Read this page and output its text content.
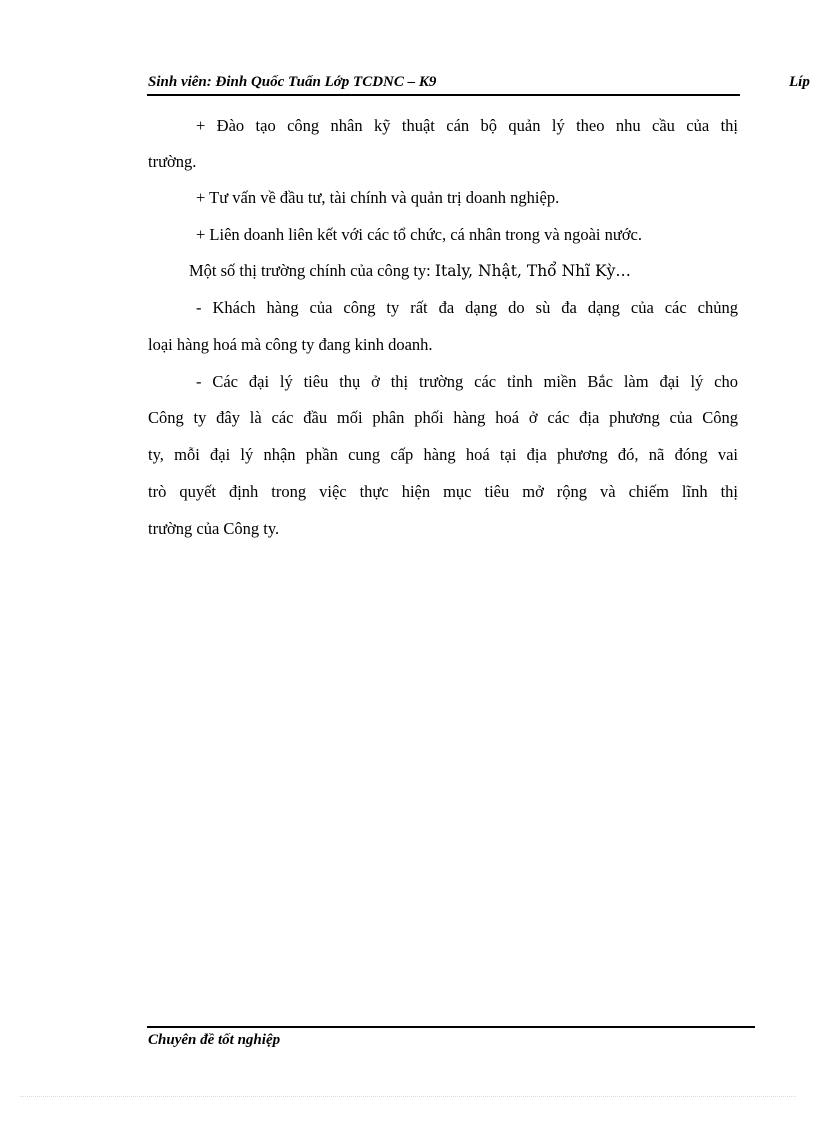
Sinh viên: Đinh Quốc Tuấn Lớp TCDNC – K9	Líp
+ Đào tạo công nhân kỹ thuật cán bộ quản lý theo nhu cầu của thị
trường.
+ Tư vấn về đầu tư, tài chính và quản trị doanh nghiệp.
+ Liên doanh liên kết với các tổ chức, cá nhân trong và ngoài nước.
Một số thị trường chính của công ty: Italy, Nhật, Thổ Nhĩ Kỳ…
- Khách hàng của công ty rất đa dạng do sù đa dạng của các chủng
loại hàng hoá mà công ty đang kinh doanh.
- Các đại lý tiêu thụ ở thị trường các tỉnh miền Bắc làm đại lý cho
Công ty đây là các đầu mối phân phối hàng hoá ở các địa phương của Công
ty, mỗi đại lý nhận phần cung cấp hàng hoá tại địa phương đó, nã đóng vai
trò quyết định trong việc thực hiện mục tiêu mở rộng và chiếm lĩnh thị
trường của Công ty.
Chuyên đề tốt nghiệp
